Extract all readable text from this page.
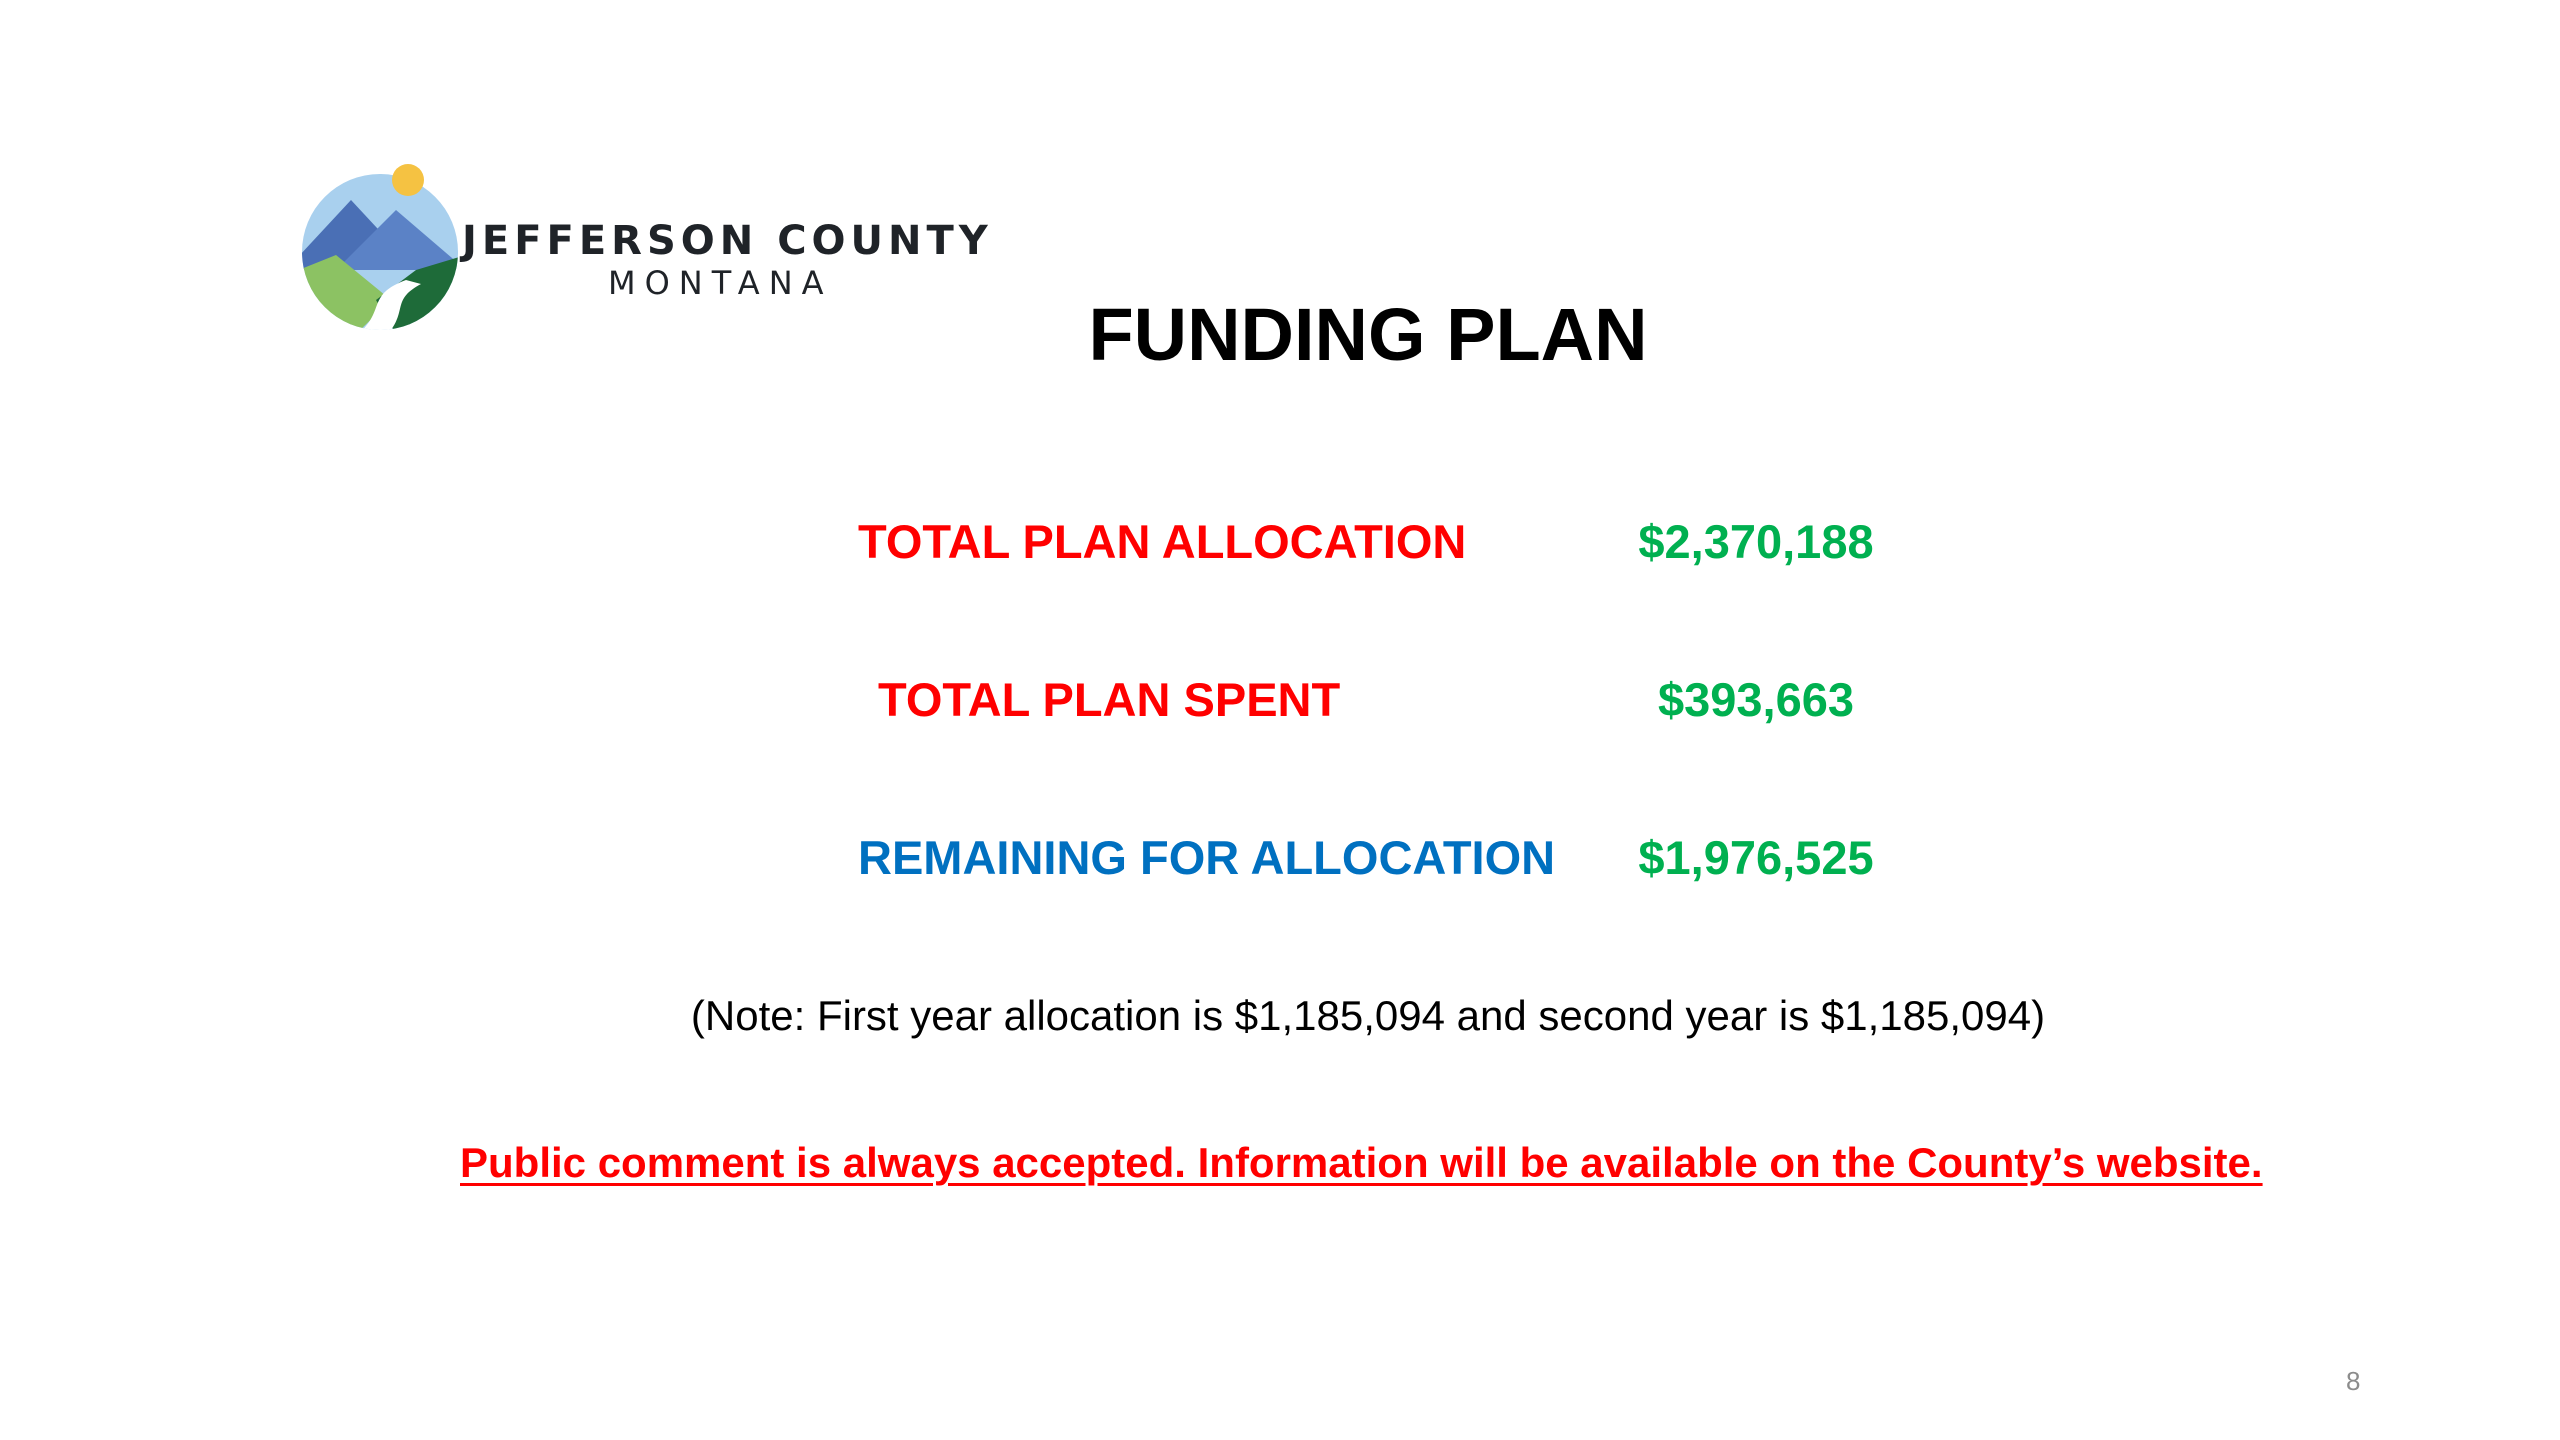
JEFFERSON COUNTY
MONTANA
FUNDING PLAN
TOTAL PLAN ALLOCATION	$2,370,188
TOTAL PLAN SPENT	$393,663
REMAINING FOR ALLOCATION	$1,976,525
(Note: First year allocation is $1,185,094 and second year is $1,185,094)
Public comment is always accepted. Information will be available on the County’s website.
8
